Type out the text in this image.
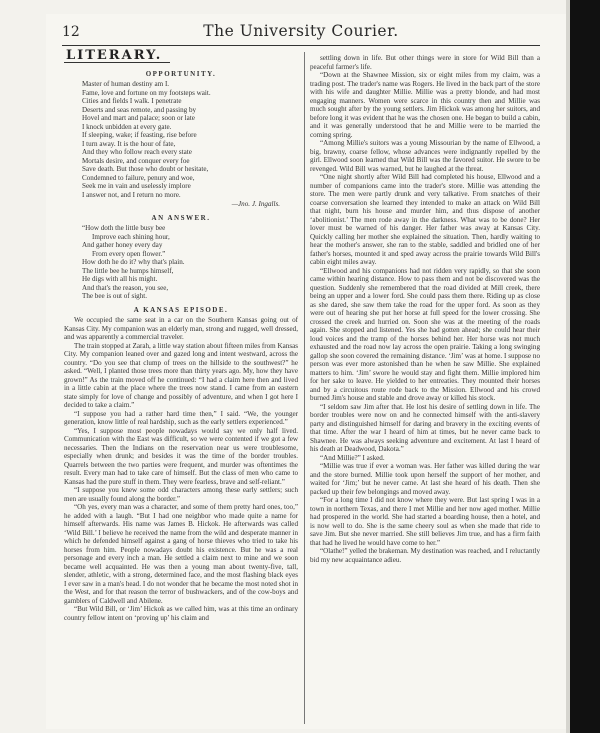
12	The University Courier.
LITERARY.
OPPORTUNITY.
Master of human destiny am I.
Fame, love and fortune on my footsteps wait.
Cities and fields I walk. I penetrate
Deserts and seas remote, and passing by
Hovel and mart and palace; soon or late
I knock unbidden at every gate.
If sleeping, wake; if feasting, rise before
I turn away. It is the hour of fate,
And they who follow reach every state
Mortals desire, and conquer every foe
Save death. But those who doubt or hesitate,
Condemned to failure, penury and woe,
Seek me in vain and uselessly implore
I answer not, and I return no more.
—Jno. J. Ingalls.
AN ANSWER.
“How doth the little busy bee
Improve each shining hour,
And gather honey every day
From every open flower.”
How doth he do it? why that's plain.
The little bee he humps himself,
He digs with all his might.
And that's the reason, you see,
The bee is out of sight.
A KANSAS EPISODE.

We occupied the same seat in a car on the Southern Kansas going out of Kansas City. My companion was an elderly man, strong and rugged, well dressed, and was apparently a commercial traveler.

The train stopped at Zarah, a little way station about fifteen miles from Kansas City. My companion leaned over and gazed long and intent westward, across the country. “Do you see that clump of trees on the hillside to the southwest?” he asked. “Well, I planted those trees more than thirty years ago. My, how they have grown!” As the train moved off he continued: “I had a claim here then and lived in a little cabin at the place where the trees now stand. I came from an eastern state simply for love of change and possibly of adventure, and when I got here I decided to take a claim.”

“I suppose you had a rather hard time then,” I said. “We, the younger generation, know little of real hardship, such as the early settlers experienced.”

“Yes, I suppose most people nowadays would say we only half lived. Communication with the East was difficult, so we were contented if we got a few necessaries. Then the Indians on the reservation near us were troublesome, especially when drunk; and besides it was the time of the border troubles. Quarrels between the two parties were frequent, and murder was oftentimes the result. Every man had to take care of himself. But the class of men who came to Kansas had the pure stuff in them. They were fearless, brave and self-reliant.”

“I suppose you knew some odd characters among these early settlers; such men are usually found along the border.”

“Oh yes, every man was a character, and some of them pretty hard ones, too,” he added with a laugh. “But I had one neighbor who made quite a name for himself afterwards. His name was James B. Hickok. He afterwards was called ‘Wild Bill.’ I believe he received the name from the wild and desperate manner in which he defended himself against a gang of horse thieves who tried to take his horses from him. People nowadays doubt his existence. But he was a real personage and every inch a man. He settled a claim next to mine and we soon became well acquainted. He was then a young man about twenty-five, tall, slender, athletic, with a strong, determined face, and the most flashing black eyes I ever saw in a man's head. I do not wonder that he became the most noted shot in the West, and for that reason the terror of bushwackers, and of the cow-boys and gamblers of Caldwell and Abilene.

“But Wild Bill, or ‘Jim’ Hickok as we called him, was at this time an ordinary country fellow intent on ‘proving up’ his claim and

settling down in life. But other things were in store for Wild Bill than a peaceful farmer's life.

“Down at the Shawnee Mission, six or eight miles from my claim, was a trading post. The trader's name was Rogers. He lived in the back part of the store with his wife and daughter Millie. Millie was a pretty blonde, and had most engaging manners. Women were scarce in this country then and Millie was much sought after by the young settlers. Jim Hickok was among her suitors, and before long it was evident that he was the chosen one. He began to build a cabin, and it was generally understood that he and Millie were to be married the coming spring.

“Among Millie's suitors was a young Missourian by the name of Ellwood, a big, brawny, coarse fellow, whose advances were indignantly repelled by the girl. Ellwood soon learned that Wild Bill was the favored suitor. He swore to be revenged. Wild Bill was warned, but he laughed at the threat.

“One night shortly after Wild Bill had completed his house, Ellwood and a number of companions came into the trader's store. Millie was attending the store. The men were partly drunk and very talkative. From snatches of their coarse conversation she learned they intended to make an attack on Wild Bill that night, burn his house and murder him, and thus dispose of another ‘abolitionist.’ The men rode away in the darkness. What was to be done? Her lover must be warned of his danger. Her father was away at Kansas City. Quickly calling her mother she explained the situation. Then, hardly waiting to hear the mother's answer, she ran to the stable, saddled and bridled one of her father's horses, mounted it and sped away across the prairie towards Wild Bill's cabin eight miles away.

“Ellwood and his companions had not ridden very rapidly, so that she soon came within hearing distance. How to pass them and not be discovered was the question. Suddenly she remembered that the road divided at Mill creek, there being an upper and a lower ford. She could pass them there. Riding up as close as she dared, she saw them take the road for the upper ford. As soon as they were out of hearing she put her horse at full speed for the lower crossing. She crossed the creek and hurried on. Soon she was at the meeting of the roads again. She stopped and listened. Yes she had gotten ahead; she could hear their loud voices and the tramp of the horses behind her. Her horse was not much exhausted and the road now lay across the open prairie. Taking a long swinging gallop she soon covered the remaining distance. ‘Jim’ was at home. I suppose no person was ever more astonished than he when he saw Millie. She explained matters to him. ‘Jim’ swore he would stay and fight them. Millie implored him for her sake to leave. He yielded to her entreaties. They mounted their horses and by a circuitous route rode back to the Mission. Ellwood and his crowd burned Jim's house and stable and drove away or killed his stock.

“I seldom saw Jim after that. He lost his desire of settling down in life. The border troubles were now on and he connected himself with the anti-slavery party and distinguished himself for daring and bravery in the exciting events of that time. After the war I heard of him at times, but he never came back to Shawnee. He was always seeking adventure and excitement. At last I heard of his death at Deadwood, Dakota.”

“And Millie?” I asked.

“Millie was true if ever a woman was. Her father was killed during the war and the store burned. Millie took upon herself the support of her mother, and waited for ‘Jim;’ but he never came. At last she heard of his death. Then she packed up their few belongings and moved away.

“For a long time I did not know where they were. But last spring I was in a town in northern Texas, and there I met Millie and her now aged mother. Millie had prospered in the world. She had started a boarding house, then a hotel, and is now well to do. She is the same cheery soul as when she made that ride to save Jim. But she never married. She still believes Jim true, and has a firm faith that had he lived he would have come to her.”

“Olathe!” yelled the brakeman. My destination was reached, and I reluctantly bid my new acquaintance adieu.
